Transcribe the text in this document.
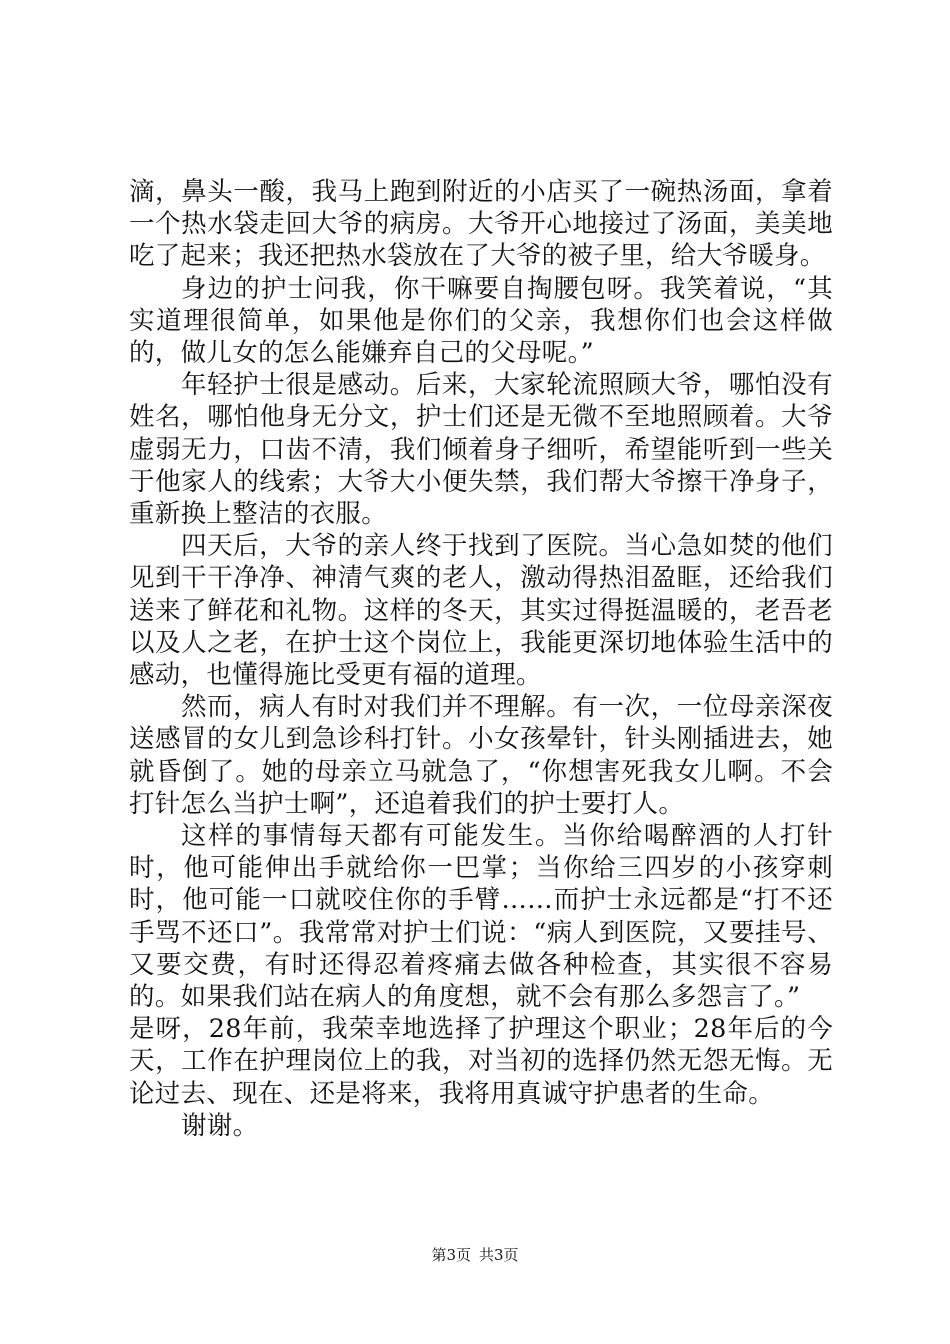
滴，鼻头一酸，我马上跑到附近的小店买了一碗热汤面，拿着一个热水袋走回大爷的病房。大爷开心地接过了汤面，美美地吃了起来；我还把热水袋放在了大爷的被子里，给大爷暖身。

身边的护士问我，你干嘛要自掏腰包呀。我笑着说，“其实道理很简单，如果他是你们的父亲，我想你们也会这样做的，做儿女的怎么能嫌弃自己的父母呢。”

年轻护士很是感动。后来，大家轮流照顾大爷，哪怕没有姓名，哪怕他身无分文，护士们还是无微不至地照顾着。大爷虚弱无力，口齿不清，我们倾着身子细听，希望能听到一些关于他家人的线索；大爷大小便失禁，我们帮大爷擦干净身子，重新换上整洁的衣服。

四天后，大爷的亲人终于找到了医院。当心急如焚的他们见到干干净净、神清气爽的老人，激动得热泪盈眶，还给我们送来了鲜花和礼物。这样的冬天，其实过得挺温暖的，老吾老以及人之老，在护士这个岗位上，我能更深切地体验生活中的感动，也懂得施比受更有福的道理。

然而，病人有时对我们并不理解。有一次，一位母亲深夜送感冒的女儿到急诊科打针。小女孩晕针，针头刚插进去，她就昏倒了。她的母亲立马就急了，“你想害死我女儿啊。不会打针怎么当护士啊”，还追着我们的护士要打人。

这样的事情每天都有可能发生。当你给喝醉酒的人打针时，他可能伸出手就给你一巴掌；当你给三四岁的小孩穿刺时，他可能一口就咬住你的手臂……而护士永远都是“打不还手骂不还口”。我常常对护士们说：“病人到医院，又要挂号、又要交费，有时还得忍着疼痛去做各种检查，其实很不容易的。如果我们站在病人的角度想，就不会有那么多怨言了。”

是呀，28年前，我荣幸地选择了护理这个职业；28年后的今天，工作在护理岗位上的我，对当初的选择仍然无怨无悔。无论过去、现在、还是将来，我将用真诚守护患者的生命。

谢谢。

第3页 共3页
